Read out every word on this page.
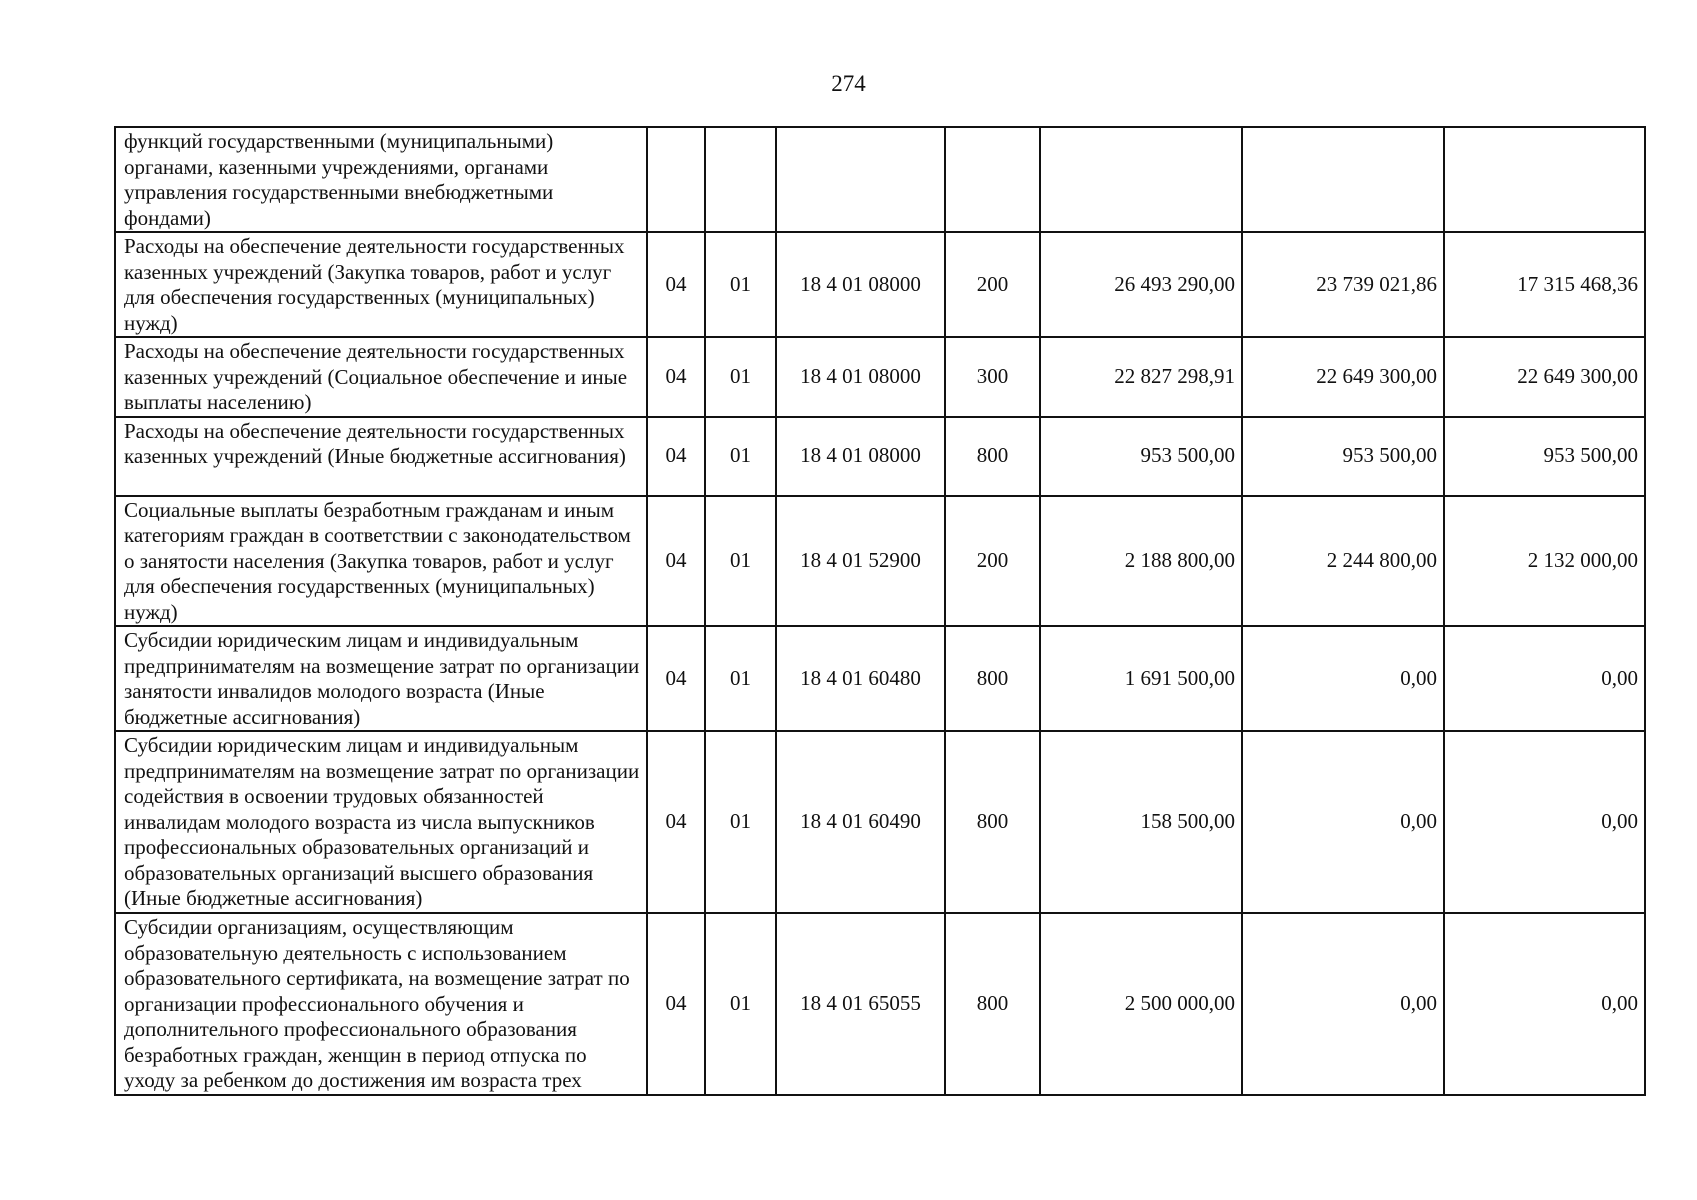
274
функций государственными (муниципальными) органами, казенными учреждениями, органами управления государственными внебюджетными фондами)							
Расходы на обеспечение деятельности государственных казенных учреждений (Закупка товаров, работ и услуг для обеспечения государственных (муниципальных) нужд)	04	01	18 4 01 08000	200	26 493 290,00	23 739 021,86	17 315 468,36
Расходы на обеспечение деятельности государственных казенных учреждений (Социальное обеспечение и иные выплаты населению)	04	01	18 4 01 08000	300	22 827 298,91	22 649 300,00	22 649 300,00
Расходы на обеспечение деятельности государственных казенных учреждений (Иные бюджетные ассигнования)	04	01	18 4 01 08000	800	953 500,00	953 500,00	953 500,00
Социальные выплаты безработным гражданам и иным категориям граждан в соответствии с законодательством о занятости населения (Закупка товаров, работ и услуг для обеспечения государственных (муниципальных) нужд)	04	01	18 4 01 52900	200	2 188 800,00	2 244 800,00	2 132 000,00
Субсидии юридическим лицам и индивидуальным предпринимателям на возмещение затрат по организации занятости инвалидов молодого возраста (Иные бюджетные ассигнования)	04	01	18 4 01 60480	800	1 691 500,00	0,00	0,00
Субсидии юридическим лицам и индивидуальным предпринимателям на возмещение затрат по организации содействия в освоении трудовых обязанностей инвалидам молодого возраста из числа выпускников профессиональных образовательных организаций и образовательных организаций высшего образования (Иные бюджетные ассигнования)	04	01	18 4 01 60490	800	158 500,00	0,00	0,00
Субсидии организациям, осуществляющим образовательную деятельность с использованием образовательного сертификата, на возмещение затрат по организации профессионального обучения и дополнительного профессионального образования безработных граждан, женщин в период отпуска по уходу за ребенком до достижения им возраста трех	04	01	18 4 01 65055	800	2 500 000,00	0,00	0,00
